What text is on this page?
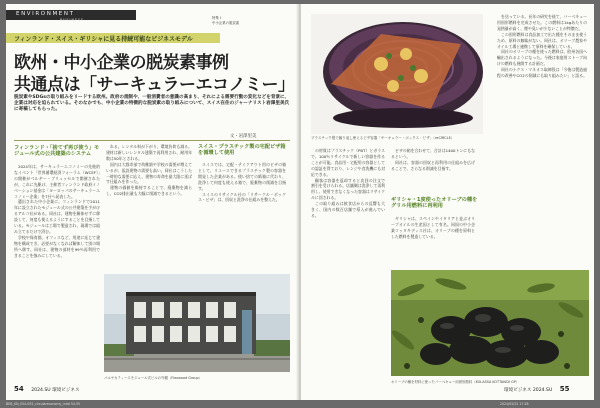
ENVIRONMENT
BUSINESS	特集 I
中小企業の脱炭素
フィンランド・スイス・ギリシャに見る持続可能なビジネスモデル
欧州・中小企業の脱炭素事例
共通点は「サーキュラーエコノミー」
脱炭素やSDGsの取り組みをリードする欧州。政府の規制や、一般消費者の意識の高まり、それによる需要行動の変化などを背景に、企業は対応を迫られている。そのなかでも、中小企業の特徴的な脱炭素の取り組みについて、スイス在住のジャーナリスト岩澤里美氏に寄稿してもらった。
文・岩澤里美
フィンランド・「捨てず再び使う」モジュール式の公共建築のシステム

2024年は、サーキュラーエコノミーの先進的なイベント「世界循環経済フォーラム（WCEF）」の開催がベルギー・ブリュッセルで開催されたが、これに先駆け、主催者フィンランド政府イノベーション基金は「ヨーロッパのサーキュラーエコノミー企業」を7社へ発表した。

選出された中小企業に、フィンランドで2011年に設立されたモジュール式の公共建築を手がけるアルコ社がある。同社は、建物を解体せずに移設して、何度も使えるようにすることを目指している。モジュールは工場で製造され、現場では組み立てるだけで済む。

学校や保育園、オフィスなど、用途に応じて建物を構成でき、必要がなくなれば解体して別の場所へ移す。同社は、建物の部材を99％再利用できることを強みにしている。

れる。レンタル料が下がり、環境負荷も減る。建材は新しいレンタル建築で再利用され、耐用年数は50年とされる。

国内は大都市部で幼稚園や学校の需要が増えているが、仮設建物の需要も高い。同社はこうした一時的な需要に応え、建物の寿命を最大限に延ばす仕組みを作った。

建物の価値を維持することで、廃棄物を減らし、CO2排出量も大幅に削減できるという。

スイス・プラスチック製の宅配ピザ箱を循環して使用

スイスでは、宅配・テイクアウト用のピザの箱として、リユースできるプラスチック製の容器を開発した企業がある。使い捨ての紙箱に代わり、洗浄して何度も使える箱で、廃棄物の削減を目指す。

スイスのリサイクル社の「リサークル・ボックス・ピザ」は、回収と洗浄の仕組みを整えた。

パルヤカティースモジュール式ビルの外観（Flexwood Group）
54 2024.SU 環境ビジネス
プラスチック製で繰り返し使えるピザ容器「サーキュラー・ボックス・ピザ」（reCIRCLE）

の材質はプラスチック（PBT）とガラスで、100％リサイクルで新しい容器を作ることが可能。食品用・宅配用の容器としての認証を得ており、レンジや食洗機にも対応できる。

顧客は容器を返却すると次回の注文で割引を受けられる。店舗側は洗浄して再利用し、使用できなくなった容器はリサイクルに回される。

この取り組みは飲食店からの反響も大きく、国内の数百店舗で導入が進んでいる。

ビザの箱を合わせて、合計は1400トンにもなるという。

同社は、容器の回収と再利用の仕組みを広げることで、さらなる削減を目指す。

ギリシャ・1度使ったオリーブの種をグリル用燃料に再利用

ギリシャは、スペインやイタリアと並ぶオリーブオイルの生産国として有名。同国の中小企業コッタキディス社は、オリーブの種を原料とした燃料を製造している。

を送っている。長年の研究を経て、バーベキュー用固形燃料を完成させた。この燃料は1kgあたりの発熱量が高く、煙や臭いが少ないことが特徴だ。

この固形燃料は食品加工で出た種をそのまま使うため、原料の無駄がない。同社は、オリーブ農家やオイル工場と連携して原料を確保している。

同社のオリーブの種を使った燃料は、欧州各国へ輸出されるようになった。今後は家庭用ストーブ向けの燃料も展開する計画だ。

同社のナクス・マネオス取締役は「今後は製造過程の改善やCO2の削減にも取り組みたい」と語る。

オリーブの種を材料に使ったバーベキュー用固形燃料（KOLASSA KOTTAKIDI GP）
環境ビジネス 2024.SU 55
BEB_KN_054-055_circulareconomy_indd 54-55	2024/05/22 17:28
